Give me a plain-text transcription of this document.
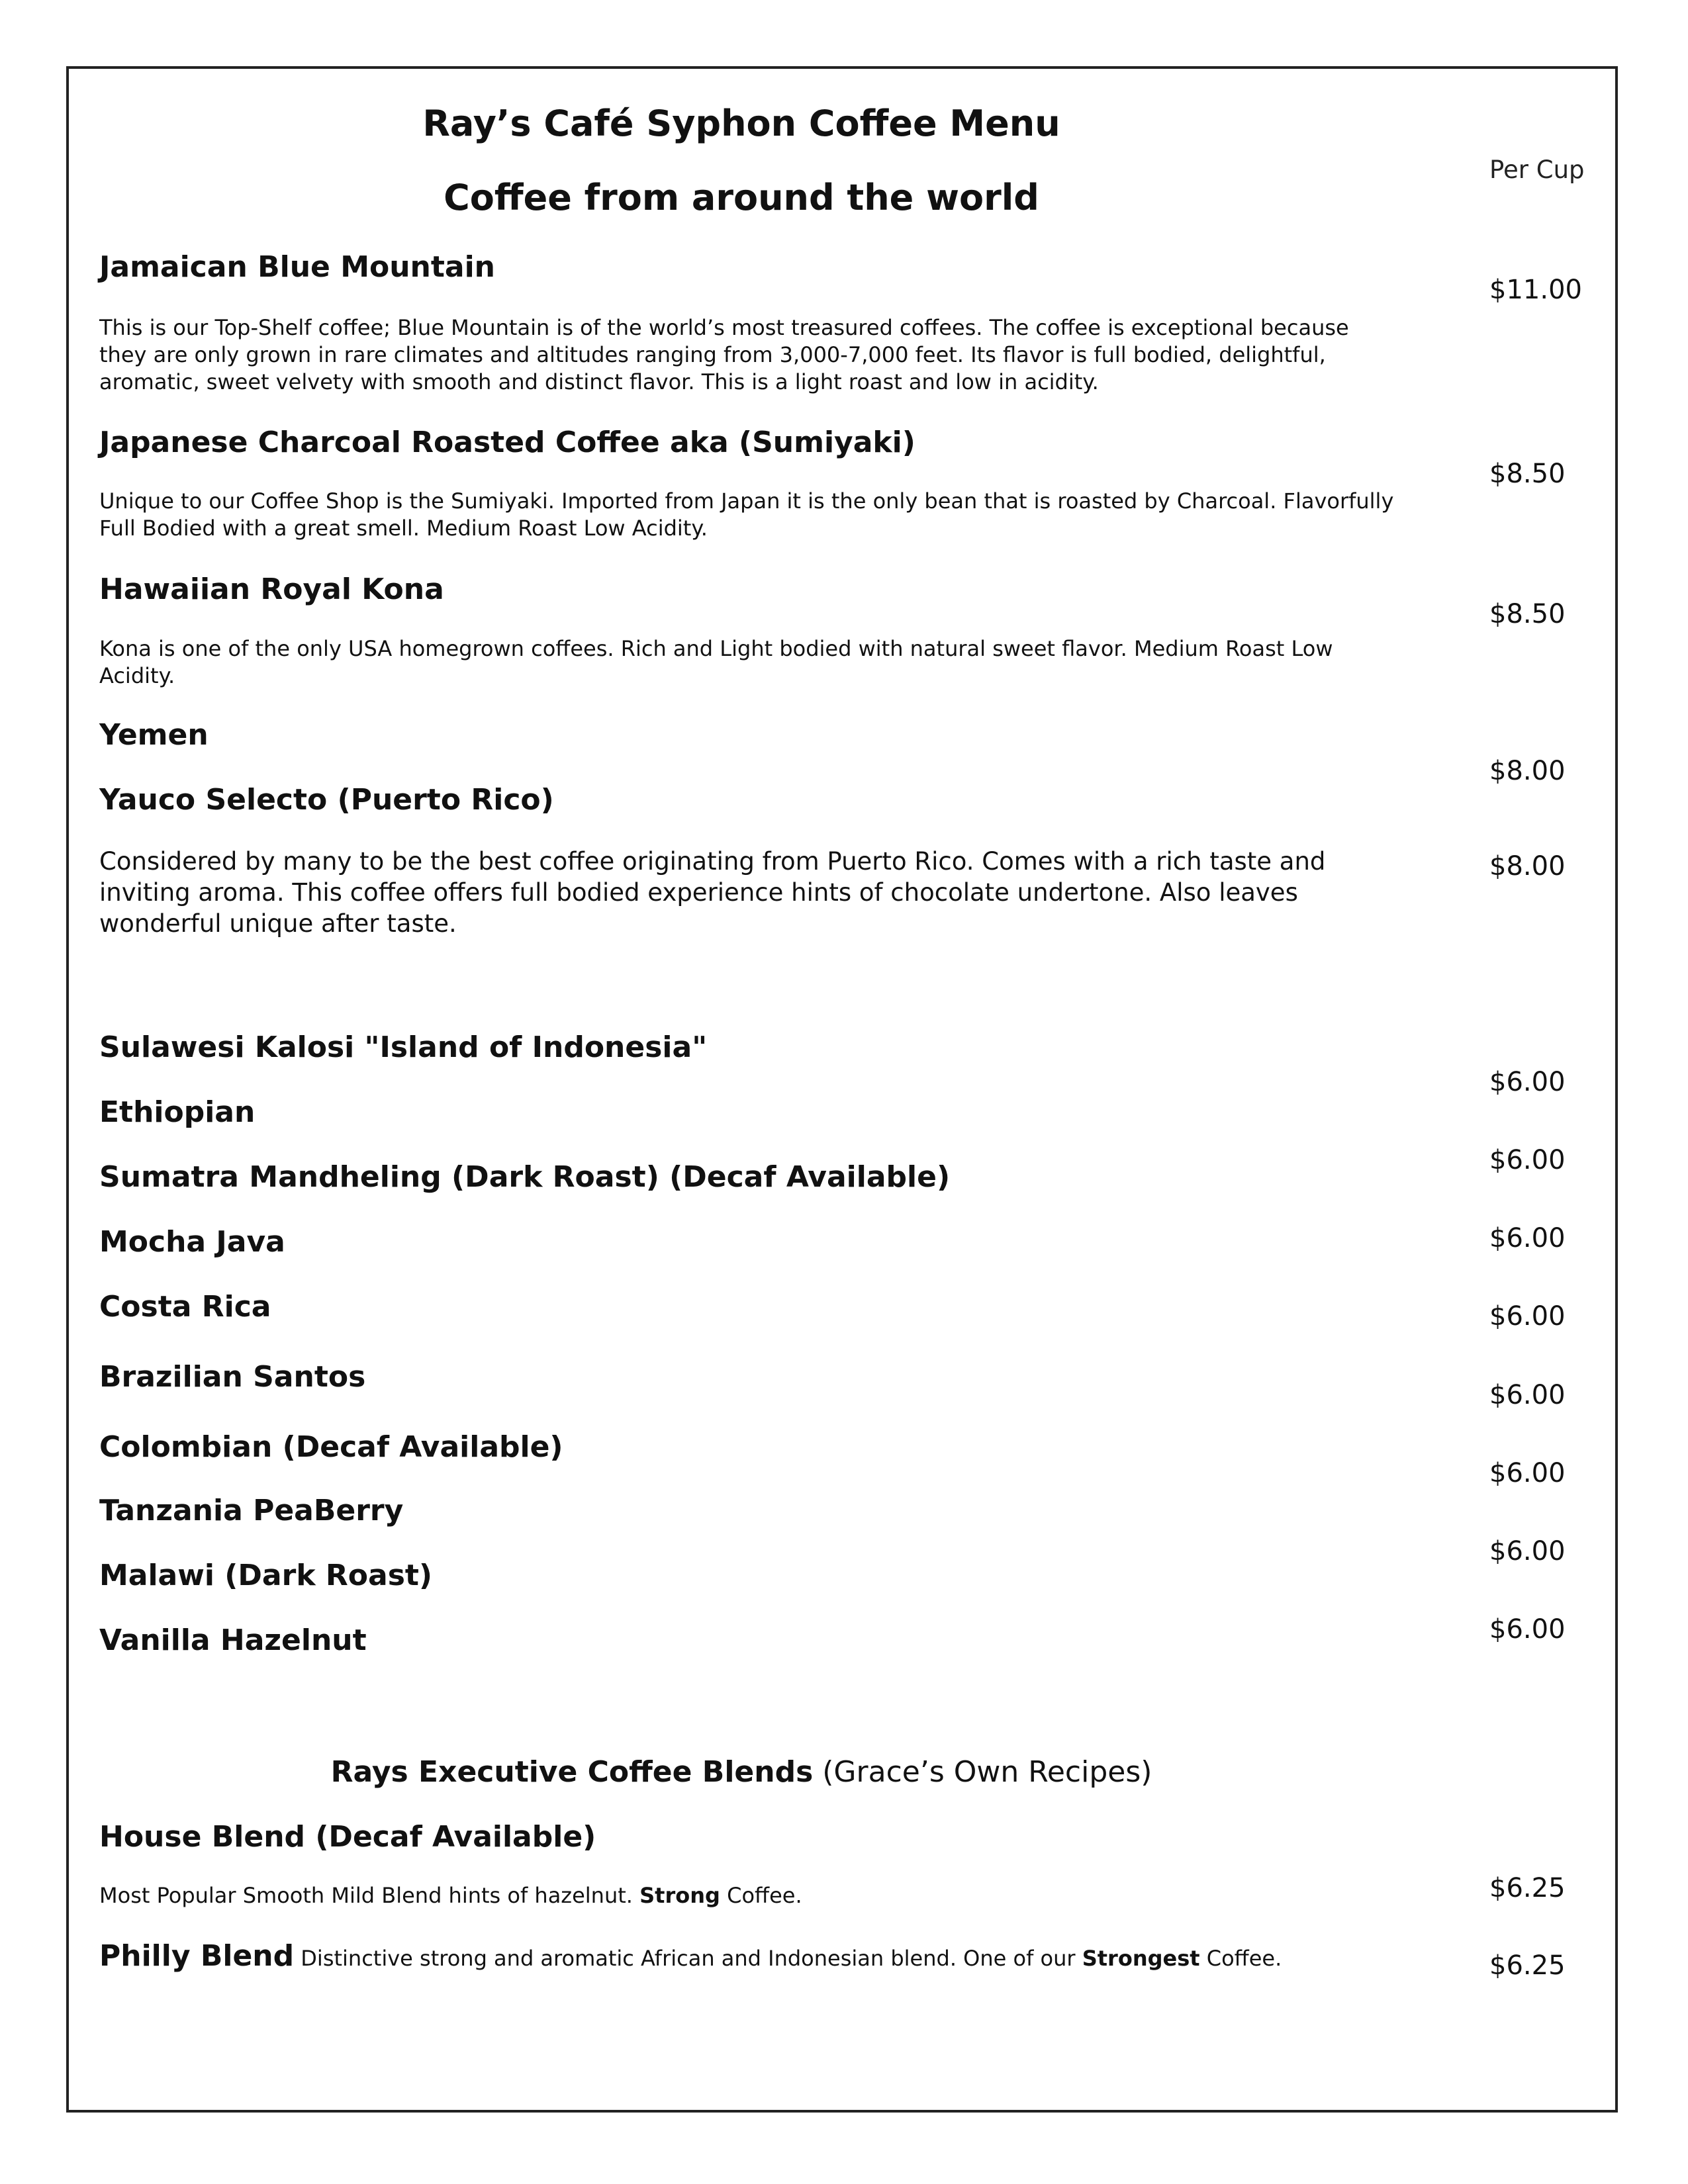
Ray’s Café Syphon Coffee Menu
Coffee from around the world
Per Cup
Jamaican Blue Mountain
$11.00
This is our Top-Shelf coffee; Blue Mountain is of the world’s most treasured coffees. The coffee is exceptional because they are only grown in rare climates and altitudes ranging from 3,000-7,000 feet. Its flavor is full bodied, delightful, aromatic, sweet velvety with smooth and distinct flavor. This is a light roast and low in acidity.
Japanese Charcoal Roasted Coffee aka (Sumiyaki)
$8.50
Unique to our Coffee Shop is the Sumiyaki. Imported from Japan it is the only bean that is roasted by Charcoal. Flavorfully Full Bodied with a great smell. Medium Roast Low Acidity.
Hawaiian Royal Kona
$8.50
Kona is one of the only USA homegrown coffees. Rich and Light bodied with natural sweet flavor. Medium Roast Low Acidity.
Yemen
$8.00
Yauco Selecto (Puerto Rico)
$8.00
Considered by many to be the best coffee originating from Puerto Rico. Comes with a rich taste and inviting aroma. This coffee offers full bodied experience hints of chocolate undertone. Also leaves wonderful unique after taste.
Sulawesi Kalosi "Island of Indonesia"
$6.00
Ethiopian
$6.00
Sumatra Mandheling (Dark Roast) (Decaf Available)
$6.00
Mocha Java
$6.00
Costa Rica
$6.00
Brazilian Santos
$6.00
Colombian (Decaf Available)
$6.00
Tanzania PeaBerry
$6.00
Malawi (Dark Roast)
Vanilla Hazelnut
Rays Executive Coffee Blends (Grace’s Own Recipes)
House Blend (Decaf Available)
$6.25
Most Popular Smooth Mild Blend hints of hazelnut. Strong Coffee.
Philly Blend Distinctive strong and aromatic African and Indonesian blend. One of our Strongest Coffee.	$6.25
